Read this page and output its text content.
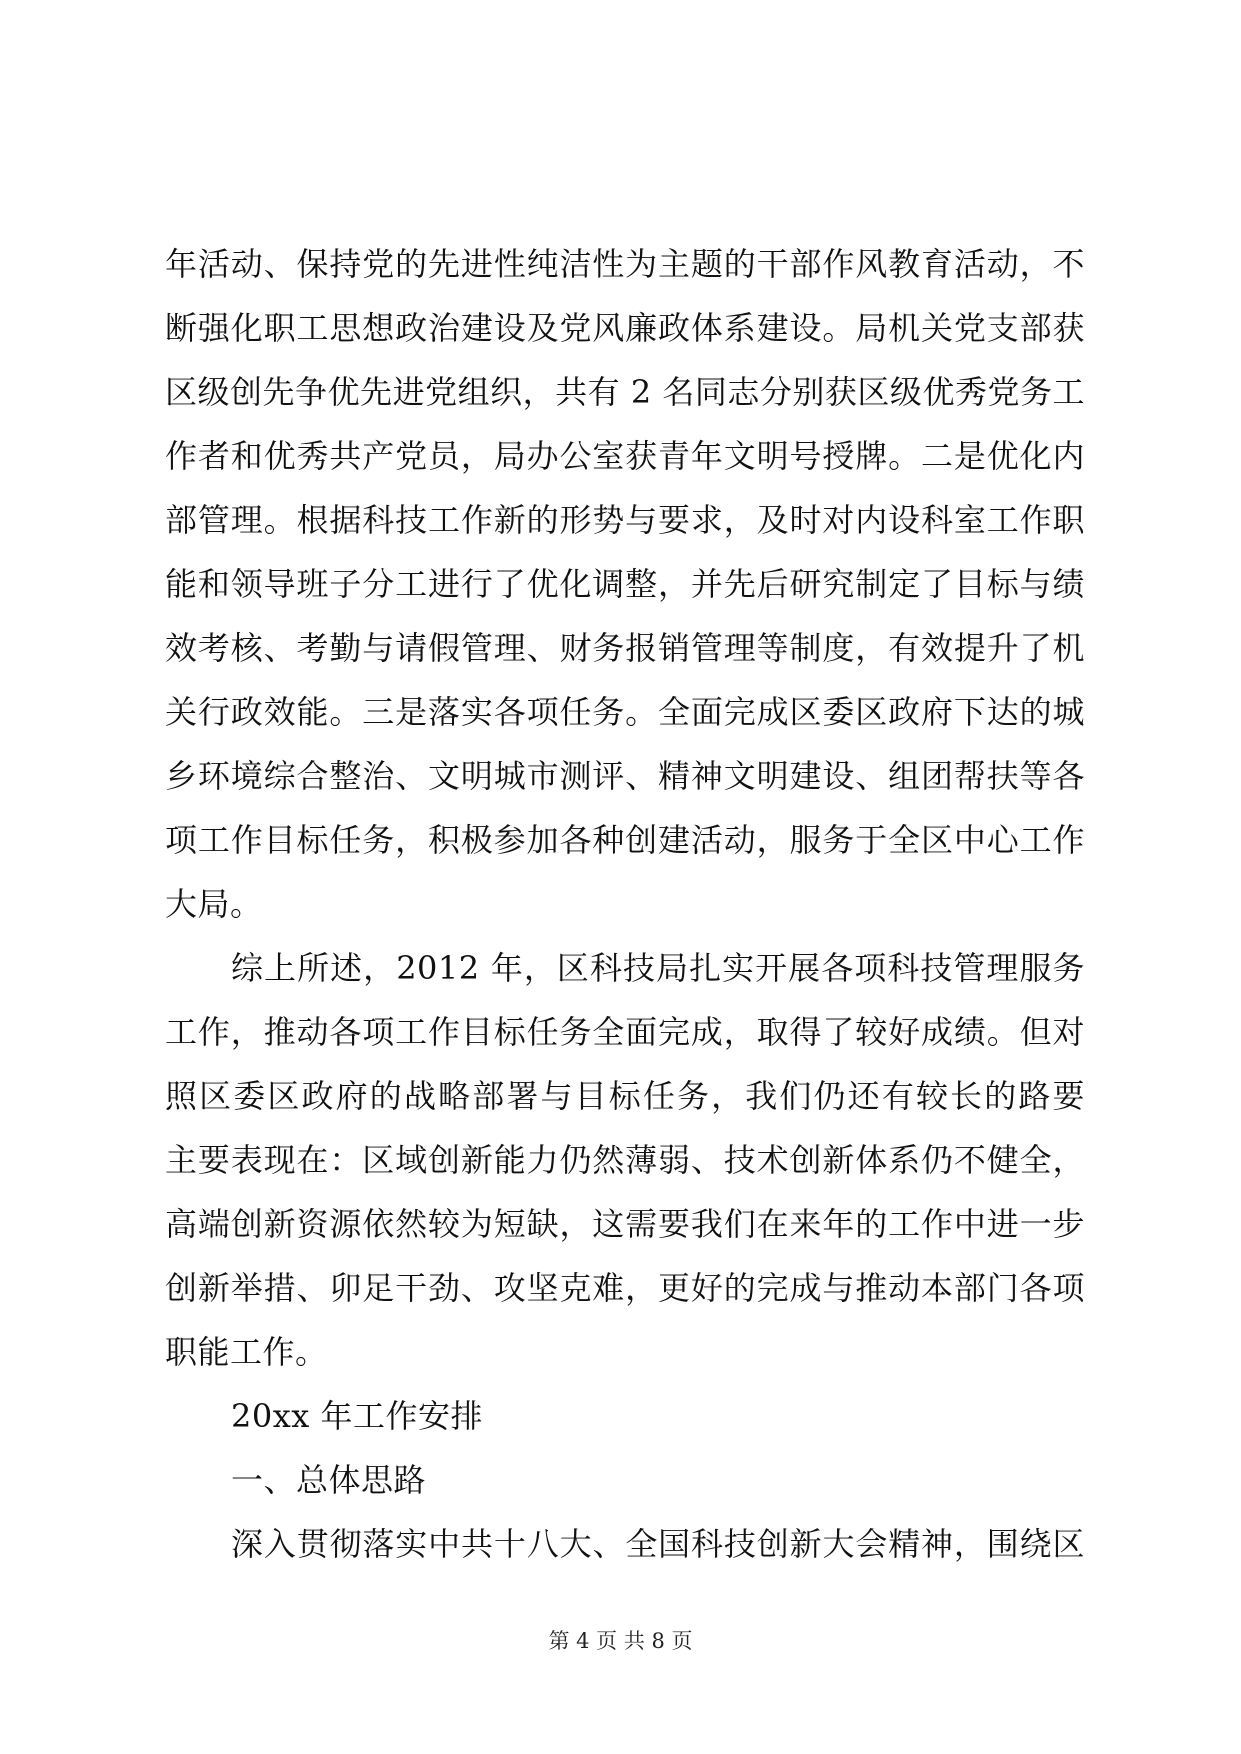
年活动、保持党的先进性纯洁性为主题的干部作风教育活动，不
断强化职工思想政治建设及党风廉政体系建设。局机关党支部获
区级创先争优先进党组织，共有 2 名同志分别获区级优秀党务工
作者和优秀共产党员，局办公室获青年文明号授牌。二是优化内
部管理。根据科技工作新的形势与要求，及时对内设科室工作职
能和领导班子分工进行了优化调整，并先后研究制定了目标与绩
效考核、考勤与请假管理、财务报销管理等制度，有效提升了机
关行政效能。三是落实各项任务。全面完成区委区政府下达的城
乡环境综合整治、文明城市测评、精神文明建设、组团帮扶等各
项工作目标任务，积极参加各种创建活动，服务于全区中心工作
大局。
综上所述，2012 年，区科技局扎实开展各项科技管理服务
工作，推动各项工作目标任务全面完成，取得了较好成绩。但对
照区委区政府的战略部署与目标任务，我们仍还有较长的路要
主要表现在：区域创新能力仍然薄弱、技术创新体系仍不健全，
高端创新资源依然较为短缺，这需要我们在来年的工作中进一步
创新举措、卯足干劲、攻坚克难，更好的完成与推动本部门各项
职能工作。
20xx 年工作安排
一、总体思路
深入贯彻落实中共十八大、全国科技创新大会精神，围绕区
第 4 页 共 8 页
